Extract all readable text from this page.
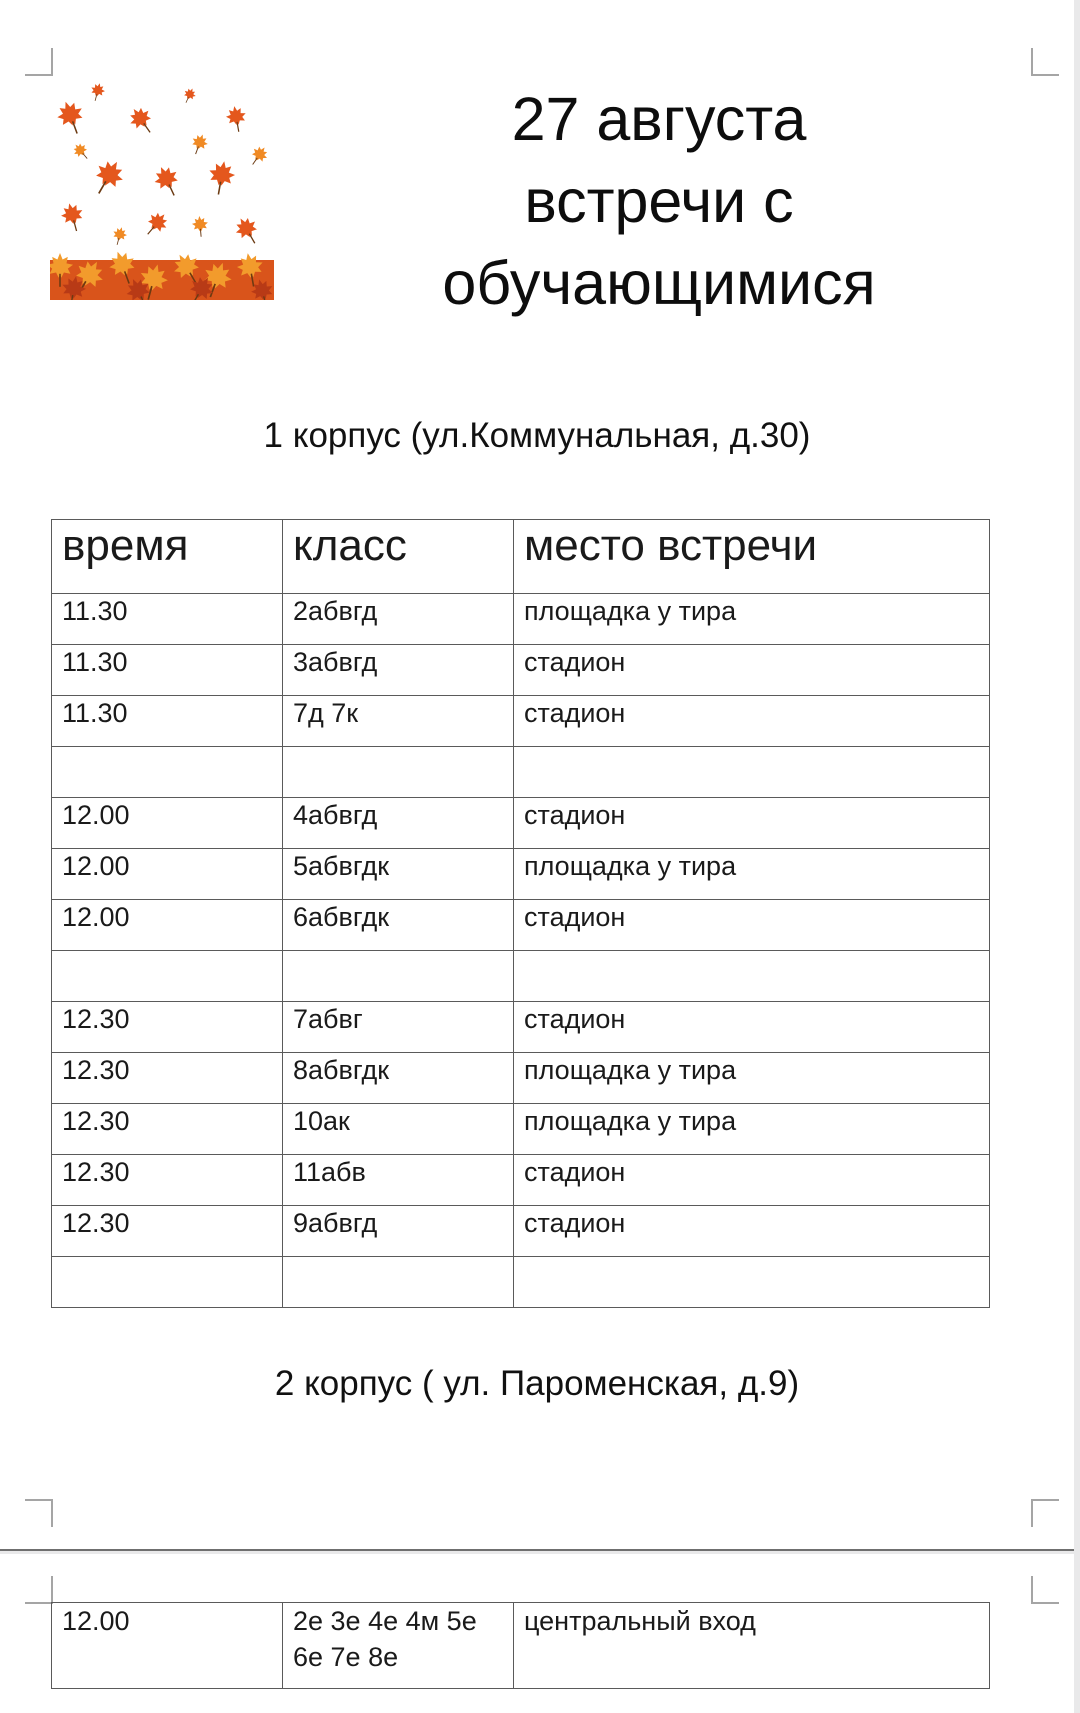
27 августа
встречи с
обучающимися
1 корпус (ул.Коммунальная, д.30)
время	класс	место встречи
11.30	2абвгд	площадка у тира
11.30	3абвгд	стадион
11.30	7д 7к	стадион

12.00	4абвгд	стадион
12.00	5абвгдк	площадка у тира
12.00	6абвгдк	стадион

12.30	7абвг	стадион
12.30	8абвгдк	площадка у тира
12.30	10ак	площадка у тира
12.30	11абв	стадион
12.30	9абвгд	стадион

2 корпус ( ул. Пароменская, д.9)
12.00	2е 3е 4е 4м 5е 6е 7е 8е	центральный вход
